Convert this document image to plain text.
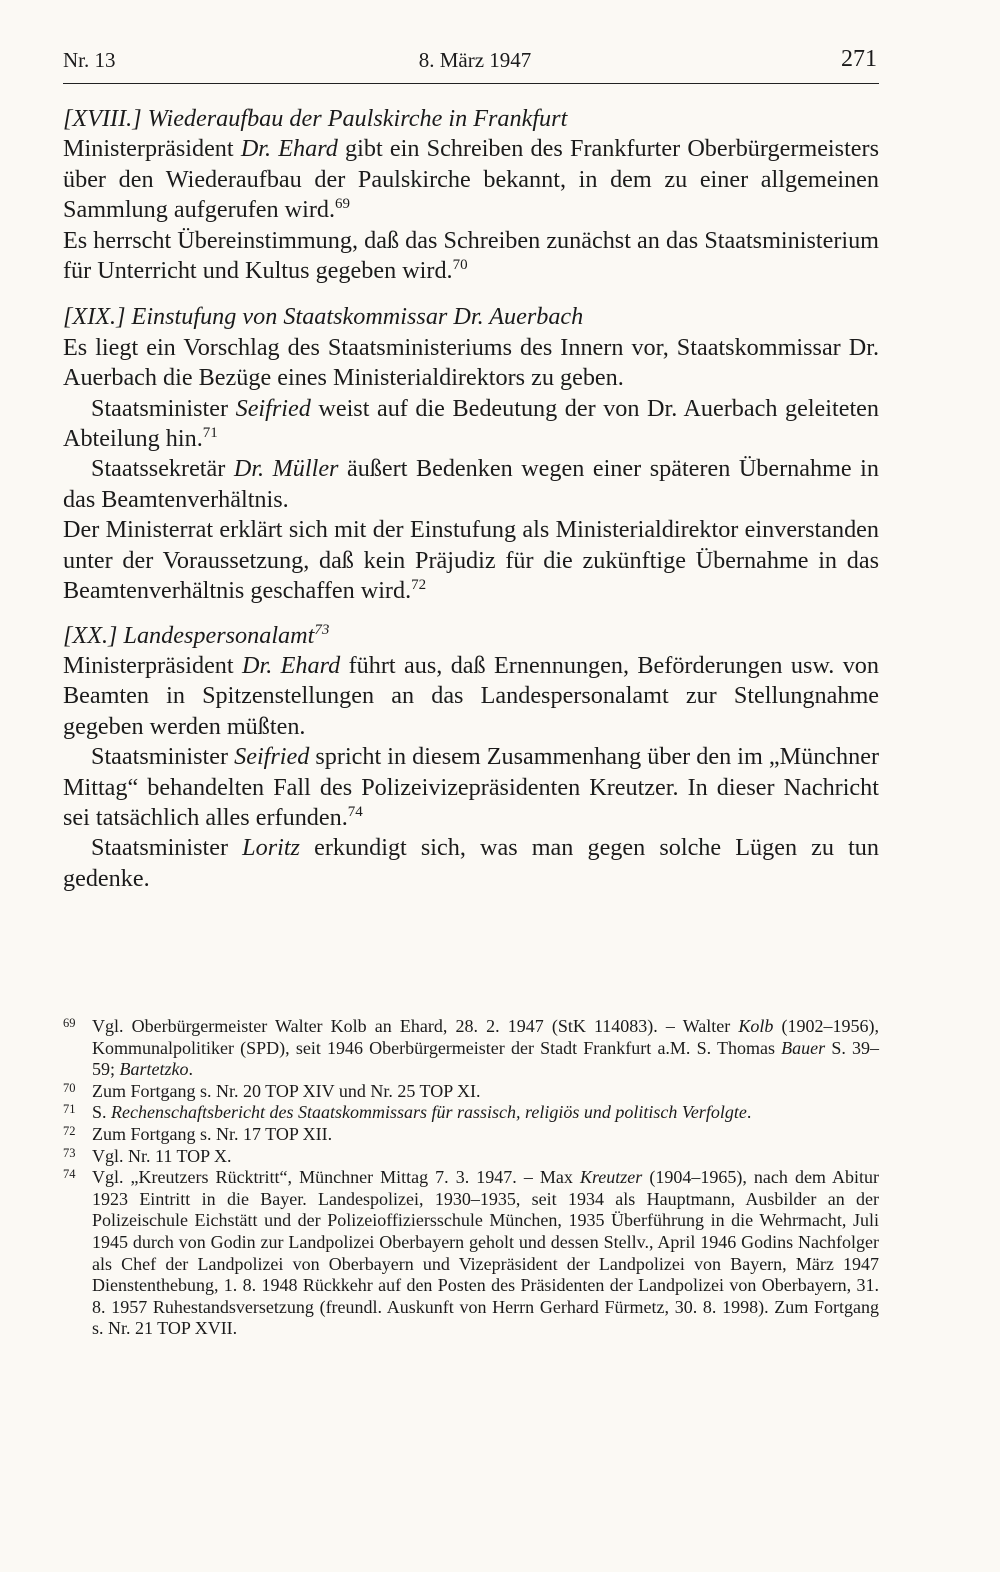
Nr. 13	8. März 1947	271
[XVIII.] Wiederaufbau der Paulskirche in Frankfurt

Ministerpräsident Dr. Ehard gibt ein Schreiben des Frankfurter Oberbürgermeisters über den Wiederaufbau der Paulskirche bekannt, in dem zu einer allgemeinen Sammlung aufgerufen wird.$^{69}$

Es herrscht Übereinstimmung, daß das Schreiben zunächst an das Staatsministerium für Unterricht und Kultus gegeben wird.$^{70}$

[XIX.] Einstufung von Staatskommissar Dr. Auerbach

Es liegt ein Vorschlag des Staatsministeriums des Innern vor, Staatskommissar Dr. Auerbach die Bezüge eines Ministerialdirektors zu geben.

Staatsminister Seifried weist auf die Bedeutung der von Dr. Auerbach geleiteten Abteilung hin.$^{71}$

Staatssekretär Dr. Müller äußert Bedenken wegen einer späteren Übernahme in das Beamtenverhältnis.

Der Ministerrat erklärt sich mit der Einstufung als Ministerialdirektor einverstanden unter der Voraussetzung, daß kein Präjudiz für die zukünftige Übernahme in das Beamtenverhältnis geschaffen wird.$^{72}$

[XX.] Landespersonalamt$^{73}$

Ministerpräsident Dr. Ehard führt aus, daß Ernennungen, Beförderungen usw. von Beamten in Spitzenstellungen an das Landespersonalamt zur Stellungnahme gegeben werden müßten.

Staatsminister Seifried spricht in diesem Zusammenhang über den im „Münchner Mittag“ behandelten Fall des Polizeivizepräsidenten Kreutzer. In dieser Nachricht sei tatsächlich alles erfunden.$^{74}$

Staatsminister Loritz erkundigt sich, was man gegen solche Lügen zu tun gedenke.

69 Vgl. Oberbürgermeister Walter Kolb an Ehard, 28. 2. 1947 (StK 114083). – Walter Kolb (1902–1956), Kommunalpolitiker (SPD), seit 1946 Oberbürgermeister der Stadt Frankfurt a.M. S. Thomas Bauer S. 39–59; Bartetzko.
70 Zum Fortgang s. Nr. 20 TOP XIV und Nr. 25 TOP XI.
71 S. Rechenschaftsbericht des Staatskommissars für rassisch, religiös und politisch Verfolgte.
72 Zum Fortgang s. Nr. 17 TOP XII.
73 Vgl. Nr. 11 TOP X.
74 Vgl. „Kreutzers Rücktritt“, Münchner Mittag 7. 3. 1947. – Max Kreutzer (1904–1965), nach dem Abitur 1923 Eintritt in die Bayer. Landespolizei, 1930–1935, seit 1934 als Hauptmann, Ausbilder an der Polizeischule Eichstätt und der Polizeioffiziersschule München, 1935 Überführung in die Wehrmacht, Juli 1945 durch von Godin zur Landpolizei Oberbayern geholt und dessen Stellv., April 1946 Godins Nachfolger als Chef der Landpolizei von Oberbayern und Vizepräsident der Landpolizei von Bayern, März 1947 Dienstenthebung, 1. 8. 1948 Rückkehr auf den Posten des Präsidenten der Landpolizei von Oberbayern, 31. 8. 1957 Ruhestandsversetzung (freundl. Auskunft von Herrn Gerhard Fürmetz, 30. 8. 1998). Zum Fortgang s. Nr. 21 TOP XVII.
